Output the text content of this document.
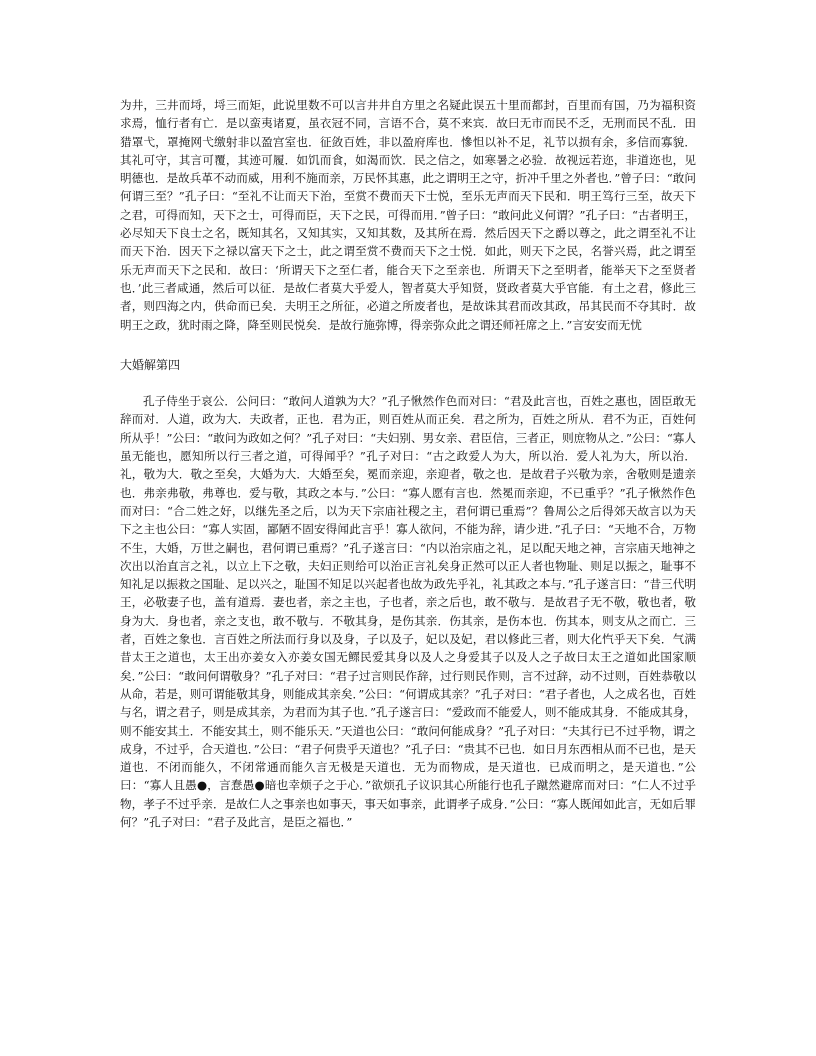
为井，三井而埒，埒三而矩，此说里数不可以言井井自方里之名疑此误五十里而都封，百里而有国，乃为福积资求焉，恤行者有亡．是以蛮夷诸夏，虽衣冠不同，言语不合，莫不来宾．故曰无市而民不乏，无刑而民不乱．田猎罩弋，罩掩网弋缴射非以盈宫室也．征敛百姓，非以盈府库也．慘怛以补不足，礼节以损有余，多信而寡貌．其礼可守，其言可覆，其迹可履．如饥而食，如渴而饮．民之信之，如寒暑之必验．故视远若迩，非道迩也，见明德也．是故兵革不动而威，用利不施而亲，万民怀其惠，此之谓明王之守，折冲千里之外者也．”曾子曰：“敢问何谓三至？”孔子曰：“至礼不让而天下治，至赏不费而天下士悦，至乐无声而天下民和．明王笃行三至，故天下之君，可得而知，天下之士，可得而臣，天下之民，可得而用．”曾子曰：“敢问此义何谓？”孔子曰：“古者明王，必尽知天下良士之名，既知其名，又知其实，又知其数，及其所在焉．然后因天下之爵以尊之，此之谓至礼不让而天下治．因天下之禄以富天下之士，此之谓至赏不费而天下之士悦．如此，则天下之民，名誉兴焉，此之谓至乐无声而天下之民和．故曰：‘所谓天下之至仁者，能合天下之至亲也．所谓天下之至明者，能举天下之至贤者也．’此三者咸通，然后可以征．是故仁者莫大乎爱人，智者莫大乎知贤，贤政者莫大乎官能．有土之君，修此三者，则四海之内，供命而已矣．夫明王之所征，必道之所废者也，是故诛其君而改其政，吊其民而不夺其时．故明王之政，犹时雨之降，降至则民悦矣．是故行施弥博，得亲弥众此之谓还师衽席之上．”言安安而无忧

大婚解第四

孔子侍坐于哀公．公问曰：“敢问人道孰为大？”孔子愀然作色而对曰：“君及此言也，百姓之惠也，固臣敢无辞而对．人道，政为大．夫政者，正也．君为正，则百姓从而正矣．君之所为，百姓之所从．君不为正，百姓何所从乎！”公曰：“敢问为政如之何？”孔子对曰：“夫妇别、男女亲、君臣信，三者正，则庶物从之．”公曰：“寡人虽无能也，愿知所以行三者之道，可得闻乎？”孔子对曰：“古之政爱人为大，所以治．爱人礼为大，所以治．礼，敬为大．敬之至矣，大婚为大．大婚至矣，冕而亲迎，亲迎者，敬之也．是故君子兴敬为亲，舍敬则是遗亲也．弗亲弗敬，弗尊也．爱与敬，其政之本与．”公曰：“寡人愿有言也．然冕而亲迎，不已重乎？”孔子愀然作色而对曰：“合二姓之好，以继先圣之后，以为天下宗庙社稷之主，君何谓已重焉”？鲁周公之后得郊天故言以为天下之主也公曰：“寡人实固，鄙陋不固安得闻此言乎！寡人欲问，不能为辞，请少进．”孔子曰：“天地不合，万物不生，大婚，万世之嗣也，君何谓已重焉？”孔子遂言曰：“内以治宗庙之礼，足以配天地之神，言宗庙天地神之次出以治直言之礼，以立上下之敬，夫妇正则给可以治正言礼矣身正然可以正人者也物耻、则足以振之，耻事不知礼足以振救之国耻、足以兴之，耻国不知足以兴起者也故为政先乎礼，礼其政之本与．”孔子遂言曰：“昔三代明王，必敬妻子也，盖有道焉．妻也者，亲之主也，子也者，亲之后也，敢不敬与．是故君子无不敬，敬也者，敬身为大．身也者，亲之支也，敢不敬与．不敬其身，是伤其亲．伤其亲，是伤本也．伤其本，则支从之而亡．三者，百姓之象也．言百姓之所法而行身以及身，子以及子，妃以及妃，君以修此三者，则大化忾乎天下矣．气满昔太王之道也，太王出亦姜女入亦姜女国无鳏民爱其身以及人之身爱其子以及人之子故曰太王之道如此国家顺矣．”公曰：“敢问何谓敬身？”孔子对曰：“君子过言则民作辞，过行则民作则，言不过辞，动不过则，百姓恭敬以从命，若是，则可谓能敬其身，则能成其亲矣．”公曰：“何谓成其亲？”孔子对曰：“君子者也，人之成名也，百姓与名，谓之君子，则是成其亲，为君而为其子也．”孔子遂言曰：“爱政而不能爱人，则不能成其身．不能成其身，则不能安其土．不能安其土，则不能乐天．”天道也公曰：“敢问何能成身？”孔子对曰：“夫其行已不过乎物，谓之成身，不过乎，合天道也．”公曰：“君子何贵乎天道也？”孔子曰：“贵其不已也．如日月东西相从而不已也，是天道也．不闭而能久，不闭常通而能久言无极是天道也．无为而物成，是天道也．已成而明之，是天道也．”公曰：“寡人且愚●，言惷愚●暗也幸烦子之于心．”欲烦孔子议识其心所能行也孔子蹴然避席而对曰：“仁人不过乎物，孝子不过乎亲．是故仁人之事亲也如事天，事天如事亲，此谓孝子成身．”公曰：“寡人既闻如此言，无如后罪何？”孔子对曰：“君子及此言，是臣之福也．”
